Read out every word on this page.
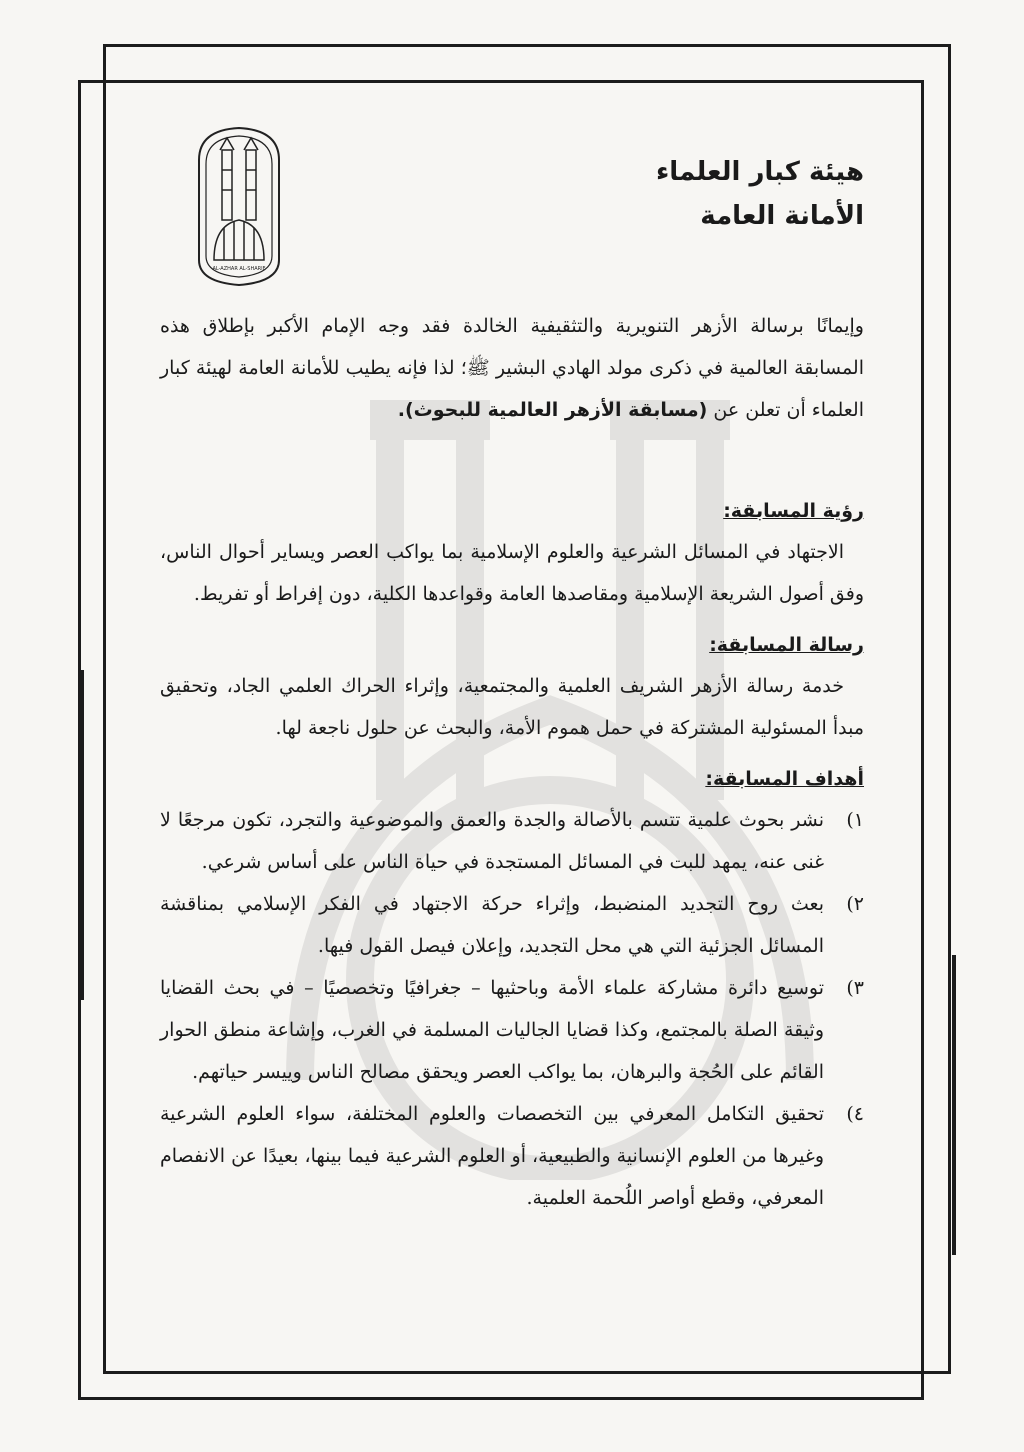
AL-AZHAR AL-SHARIF
هيئة كبار العلماء
الأمانة العامة
وإيمانًا برسالة الأزهر التنويرية والتثقيفية الخالدة فقد وجه الإمام الأكبر بإطلاق هذه المسابقة العالمية في ذكرى مولد الهادي البشير ﷺ؛ لذا فإنه يطيب للأمانة العامة لهيئة كبار العلماء أن تعلن عن (مسابقة الأزهر العالمية للبحوث).
رؤية المسابقة:
الاجتهاد في المسائل الشرعية والعلوم الإسلامية بما يواكب العصر ويساير أحوال الناس، وفق أصول الشريعة الإسلامية ومقاصدها العامة وقواعدها الكلية، دون إفراط أو تفريط.
رسالة المسابقة:
خدمة رسالة الأزهر الشريف العلمية والمجتمعية، وإثراء الحراك العلمي الجاد، وتحقيق مبدأ المسئولية المشتركة في حمل هموم الأمة، والبحث عن حلول ناجعة لها.
أهداف المسابقة:
١)
نشر بحوث علمية تتسم بالأصالة والجدة والعمق والموضوعية والتجرد، تكون مرجعًا لا غنى عنه، يمهد للبت في المسائل المستجدة في حياة الناس على أساس شرعي.
٢)
بعث روح التجديد المنضبط، وإثراء حركة الاجتهاد في الفكر الإسلامي بمناقشة المسائل الجزئية التي هي محل التجديد، وإعلان فيصل القول فيها.
٣)
توسيع دائرة مشاركة علماء الأمة وباحثيها – جغرافيًا وتخصصيًا – في بحث القضايا وثيقة الصلة بالمجتمع، وكذا قضايا الجاليات المسلمة في الغرب، وإشاعة منطق الحوار القائم على الحُجة والبرهان، بما يواكب العصر ويحقق مصالح الناس وييسر حياتهم.
٤)
تحقيق التكامل المعرفي بين التخصصات والعلوم المختلفة، سواء العلوم الشرعية وغيرها من العلوم الإنسانية والطبيعية، أو العلوم الشرعية فيما بينها، بعيدًا عن الانفصام المعرفي، وقطع أواصر اللُحمة العلمية.
